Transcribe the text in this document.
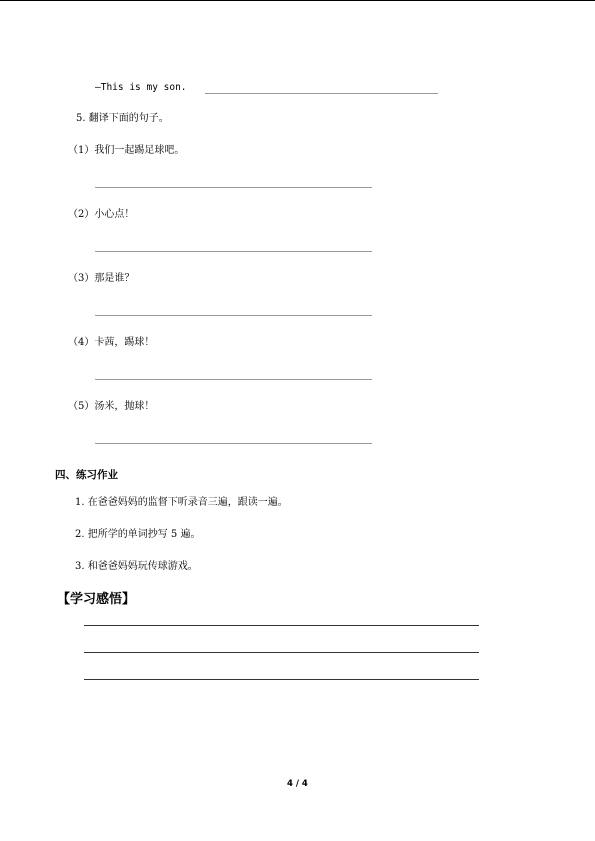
—This is my son.
5. 翻译下面的句子。
（1）我们一起踢足球吧。
（2）小心点！
（3）那是谁？
（4）卡茜，踢球！
（5）汤米，抛球！
四、练习作业
1. 在爸爸妈妈的监督下听录音三遍，跟读一遍。
2. 把所学的单词抄写 5 遍。
3. 和爸爸妈妈玩传球游戏。
【学习感悟】
4 / 4
